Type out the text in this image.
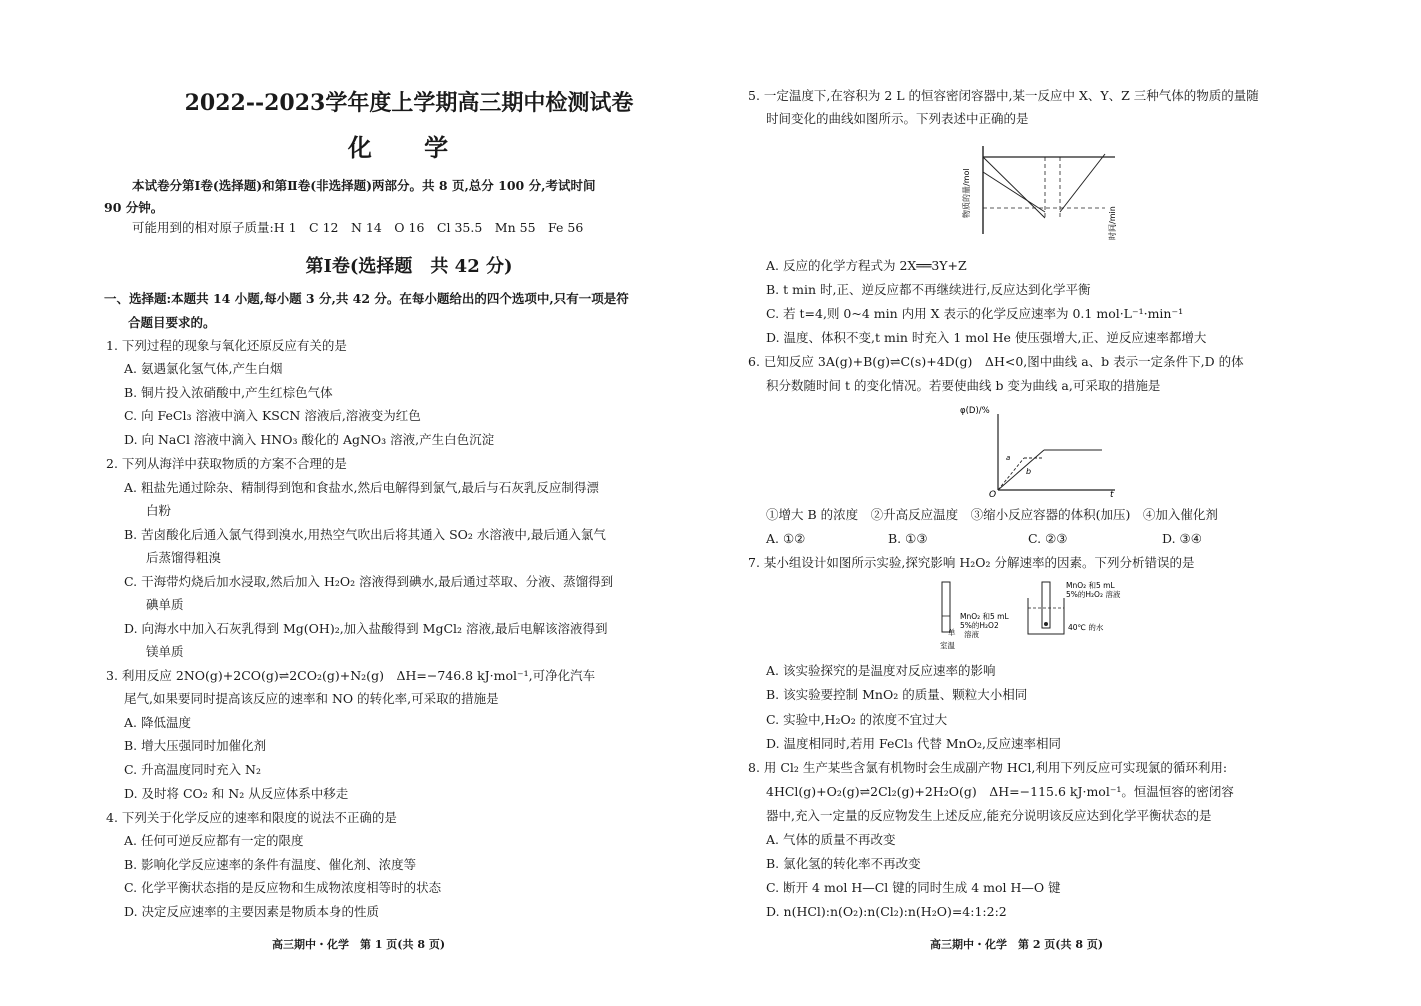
2022--2023学年度上学期高三期中检测试卷
化 学
本试卷分第Ⅰ卷(选择题)和第Ⅱ卷(非选择题)两部分。共 8 页,总分 100 分,考试时间
90 分钟。
可能用到的相对原子质量:H 1　C 12　N 14　O 16　Cl 35.5　Mn 55　Fe 56
第Ⅰ卷(选择题　共 42 分)
一、选择题:本题共 14 小题,每小题 3 分,共 42 分。在每小题给出的四个选项中,只有一项是符
合题目要求的。
1. 下列过程的现象与氧化还原反应有关的是
A. 氨遇氯化氢气体,产生白烟
B. 铜片投入浓硝酸中,产生红棕色气体
C. 向 FeCl₃ 溶液中滴入 KSCN 溶液后,溶液变为红色
D. 向 NaCl 溶液中滴入 HNO₃ 酸化的 AgNO₃ 溶液,产生白色沉淀
2. 下列从海洋中获取物质的方案不合理的是
A. 粗盐先通过除杂、精制得到饱和食盐水,然后电解得到氯气,最后与石灰乳反应制得漂
白粉
B. 苦卤酸化后通入氯气得到溴水,用热空气吹出后将其通入 SO₂ 水溶液中,最后通入氯气
后蒸馏得粗溴
C. 干海带灼烧后加水浸取,然后加入 H₂O₂ 溶液得到碘水,最后通过萃取、分液、蒸馏得到
碘单质
D. 向海水中加入石灰乳得到 Mg(OH)₂,加入盐酸得到 MgCl₂ 溶液,最后电解该溶液得到
镁单质
3. 利用反应 2NO(g)+2CO(g)⇌2CO₂(g)+N₂(g)　ΔH=−746.8 kJ·mol⁻¹,可净化汽车
尾气,如果要同时提高该反应的速率和 NO 的转化率,可采取的措施是
A. 降低温度
B. 增大压强同时加催化剂
C. 升高温度同时充入 N₂
D. 及时将 CO₂ 和 N₂ 从反应体系中移走
4. 下列关于化学反应的速率和限度的说法不正确的是
A. 任何可逆反应都有一定的限度
B. 影响化学反应速率的条件有温度、催化剂、浓度等
C. 化学平衡状态指的是反应物和生成物浓度相等时的状态
D. 决定反应速率的主要因素是物质本身的性质
高三期中・化学　第 1 页(共 8 页)
5. 一定温度下,在容积为 2 L 的恒容密闭容器中,某一反应中 X、Y、Z 三种气体的物质的量随
时间变化的曲线如图所示。下列表述中正确的是
物质的量/mol
时间/min
A. 反应的化学方程式为 2X══3Y+Z
B. t min 时,正、逆反应都不再继续进行,反应达到化学平衡
C. 若 t=4,则 0~4 min 内用 X 表示的化学反应速率为 0.1 mol·L⁻¹·min⁻¹
D. 温度、体积不变,t min 时充入 1 mol He 使压强增大,正、逆反应速率都增大
6. 已知反应 3A(g)+B(g)⇌C(s)+4D(g)　ΔH<0,图中曲线 a、b 表示一定条件下,D 的体
积分数随时间 t 的变化情况。若要使曲线 b 变为曲线 a,可采取的措施是
φ(D)/%
O	t
a
b
①增大 B 的浓度　②升高反应温度　③缩小反应容器的体积(加压)　④加入催化剂
A. ①②	B. ①③	C. ②③	D. ③④
7. 某小组设计如图所示实验,探究影响 H₂O₂ 分解速率的因素。下列分析错误的是
MnO₂ 和5 mL
5%的H₂O2
溶液
单
室温
MnO₂ 和5 mL
5%的H₂O₂ 溶液
40℃ 的水
A. 该实验探究的是温度对反应速率的影响
B. 该实验要控制 MnO₂ 的质量、颗粒大小相同
C. 实验中,H₂O₂ 的浓度不宜过大
D. 温度相同时,若用 FeCl₃ 代替 MnO₂,反应速率相同
8. 用 Cl₂ 生产某些含氯有机物时会生成副产物 HCl,利用下列反应可实现氯的循环利用:
4HCl(g)+O₂(g)⇌2Cl₂(g)+2H₂O(g)　ΔH=−115.6 kJ·mol⁻¹。恒温恒容的密闭容
器中,充入一定量的反应物发生上述反应,能充分说明该反应达到化学平衡状态的是
A. 气体的质量不再改变
B. 氯化氢的转化率不再改变
C. 断开 4 mol H—Cl 键的同时生成 4 mol H—O 键
D. n(HCl):n(O₂):n(Cl₂):n(H₂O)=4:1:2:2
高三期中・化学　第 2 页(共 8 页)
